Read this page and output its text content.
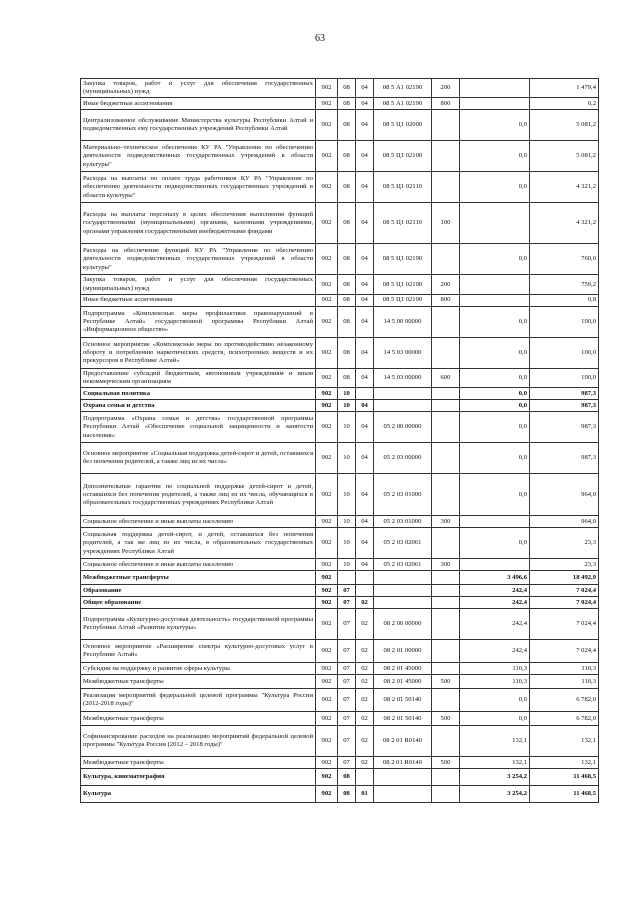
63
Закупка товаров, работ и услуг для обеспечения государственных (муниципальных) нужд	902	08	04	08 5 А1 02190	200		1 479,4
Иные бюджетные ассигнования	902	08	04	08 5 А1 02190	800		0,2
Централизованное обслуживание Министерства культуры Республики Алтай и подведомственных ему государственных учреждений Республики Алтай	902	08	04	08 5 Ц1 02000		0,0	5 081,2
Материально–техническое обеспечение КУ РА "Управление по обеспечению деятельности подведомственных государственных учреждений в области культуры"	902	08	04	08 5 Ц1 02100		0,0	5 081,2
Расходы на выплаты по оплате труда работников КУ РА "Управление по обеспечению деятельности подведомственных государственных учреждений в области культуры"	902	08	04	08 5 Ц1 02110		0,0	4 321,2
Расходы на выплаты персоналу в целях обеспечения выполнения функций государственными (муниципальными) органами, казенными учреждениями, органами управления государственными внебюджетными фондами	902	08	04	08 5 Ц1 02110	100		4 321,2
Расходы на обеспечение функций КУ РА "Управление по обеспечению деятельности подведомственных государственных учреждений в области культуры"	902	08	04	08 5 Ц1 02190		0,0	760,0
Закупка товаров, работ и услуг для обеспечения государственных (муниципальных) нужд	902	08	04	08 5 Ц1 02190	200		759,2
Иные бюджетные ассигнования	902	08	04	08 5 Ц1 02190	800		0,8
Подпрограмма «Комплексные меры профилактики правонарушений в Республике Алтай» государственной программы Республики Алтай «Информационное общество»	902	08	04	14 5 00 00000		0,0	100,0
Основное мероприятие «Комплексные меры по противодействию незаконному обороту и потреблению наркотических средств, психотропных веществ и их прекурсоров в Республике Алтай»	902	08	04	14 5 03 00000		0,0	100,0
Предоставление субсидий бюджетным, автономным учреждениям и иным некоммерческим организациям	902	08	04	14 5 03 00000	600	0,0	100,0
Социальная политика	902	10				0,0	987,3
Охрана семьи и детства	902	10	04			0,0	987,3
Подпрограмма «Охрана семьи и детства» государственной программы Республики Алтай «Обеспечение социальной защищенности и занятости населения»	902	10	04	05 2 00 00000		0,0	987,3
Основное мероприятие «Социальная поддержка детей-сирот и детей, оставшихся без попечения родителей, а также лиц из их числа»	902	10	04	05 2 03 00000		0,0	987,3
Дополнительные гарантии по социальной поддержке детей-сирот и детей, оставшихся без попечения родителей, а также лиц из их числа, обучающихся в образовательных государственных учреждениях Республики Алтай	902	10	04	05 2 03 01000		0,0	964,0
Социальное обеспечение и иные выплаты населению	902	10	04	05 2 03 01000	300		964,0
Социальная поддержка детей-сирот, и детей, оставшихся без попечения родителей, а так же лиц из их числа, в образовательных государственных учреждениях Республики Алтай	902	10	04	05 2 03 02061		0,0	23,3
Социальное обеспечение и иные выплаты населению	902	10	04	05 2 03 02061	300		23,3
Межбюджетные трансферты	902					3 496,6	18 492,9
Образование	902	07				242,4	7 024,4
Общее образование	902	07	02			242,4	7 024,4
Подпрограмма «Культурно-досуговая деятельность» государственной программы Республики Алтай «Развитие культуры»	902	07	02	08 2 00 00000		242,4	7 024,4
Основное мероприятие «Расширение спектра культурно-досуговых услуг в Республике Алтай»	902	07	02	08 2 01 00000		242,4	7 024,4
Субсидии на поддержку и развитие сферы культуры	902	07	02	08 2 01 45000		110,3	110,3
Межбюджетные трансферты	902	07	02	08 2 01 45000	500	110,3	110,3
Реализация мероприятий федеральной целевой программы "Культура России (2012-2018 годы)"	902	07	02	08 2 01 50140		0,0	6 782,0
Межбюджетные трансферты	902	07	02	08 2 01 50140	500	0,0	6 782,0
Софинансирование расходов на реализацию мероприятий федеральной целевой программы "Культура России (2012 – 2018 годы)"	902	07	02	08 2 01 R0140		132,1	132,1
Межбюджетные трансферты	902	07	02	08 2 01 R0140	500	132,1	132,1
Культура, кинематография	902	08				3 254,2	11 468,5
Культура	902	08	01			3 254,2	11 468,5
